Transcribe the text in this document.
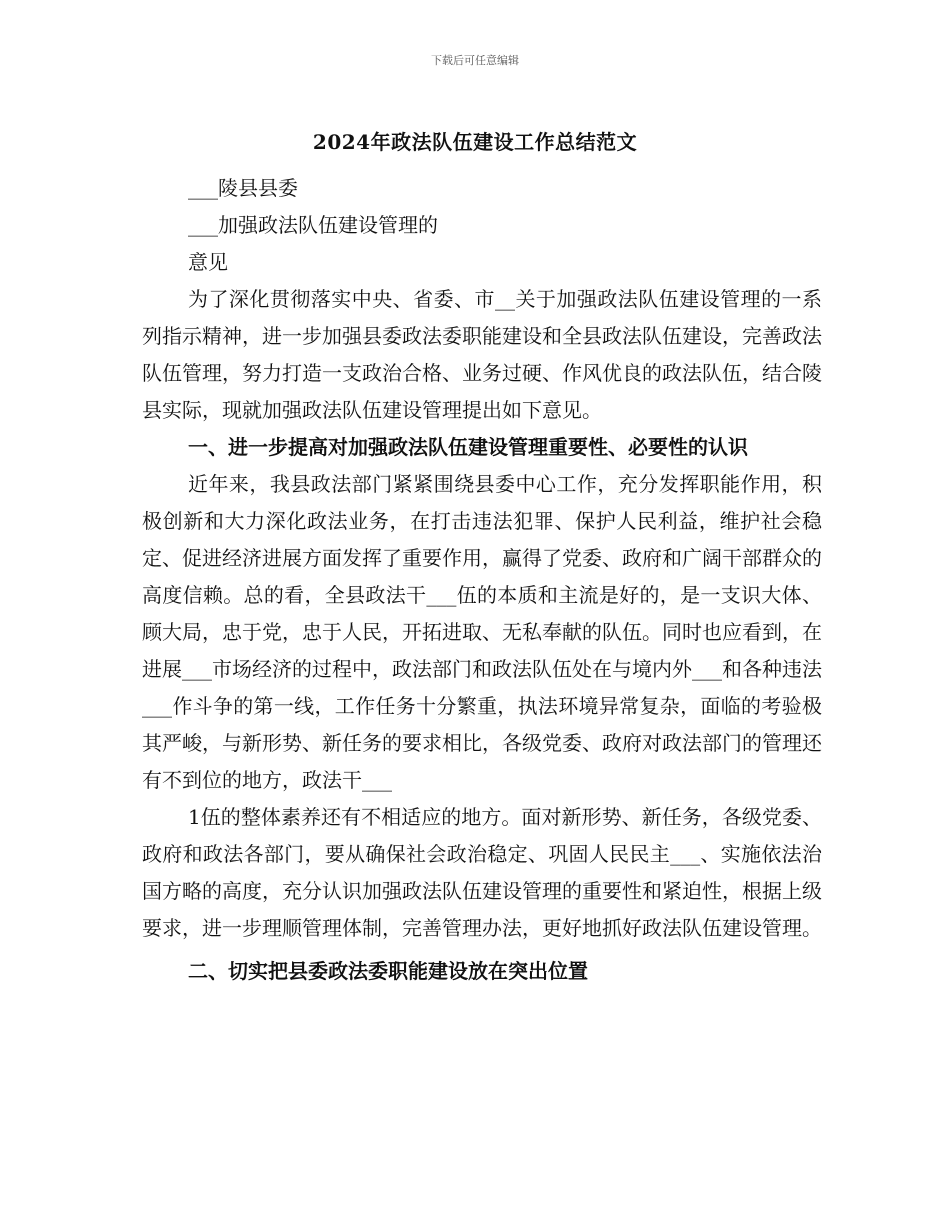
下载后可任意编辑
2024年政法队伍建设工作总结范文
___陵县县委
___加强政法队伍建设管理的
意见
为了深化贯彻落实中央、省委、市__关于加强政法队伍建设管理的一系列指示精神，进一步加强县委政法委职能建设和全县政法队伍建设，完善政法队伍管理，努力打造一支政治合格、业务过硬、作风优良的政法队伍，结合陵县实际，现就加强政法队伍建设管理提出如下意见。
一、进一步提高对加强政法队伍建设管理重要性、必要性的认识
近年来，我县政法部门紧紧围绕县委中心工作，充分发挥职能作用，积极创新和大力深化政法业务，在打击违法犯罪、保护人民利益，维护社会稳定、促进经济进展方面发挥了重要作用，赢得了党委、政府和广阔干部群众的高度信赖。总的看，全县政法干___伍的本质和主流是好的，是一支识大体、顾大局，忠于党，忠于人民，开拓进取、无私奉献的队伍。同时也应看到，在进展___市场经济的过程中，政法部门和政法队伍处在与境内外___和各种违法___作斗争的第一线，工作任务十分繁重，执法环境异常复杂，面临的考验极其严峻，与新形势、新任务的要求相比，各级党委、政府对政法部门的管理还有不到位的地方，政法干___
1伍的整体素养还有不相适应的地方。面对新形势、新任务，各级党委、政府和政法各部门，要从确保社会政治稳定、巩固人民民主___、实施依法治国方略的高度，充分认识加强政法队伍建设管理的重要性和紧迫性，根据上级要求，进一步理顺管理体制，完善管理办法，更好地抓好政法队伍建设管理。
二、切实把县委政法委职能建设放在突出位置
